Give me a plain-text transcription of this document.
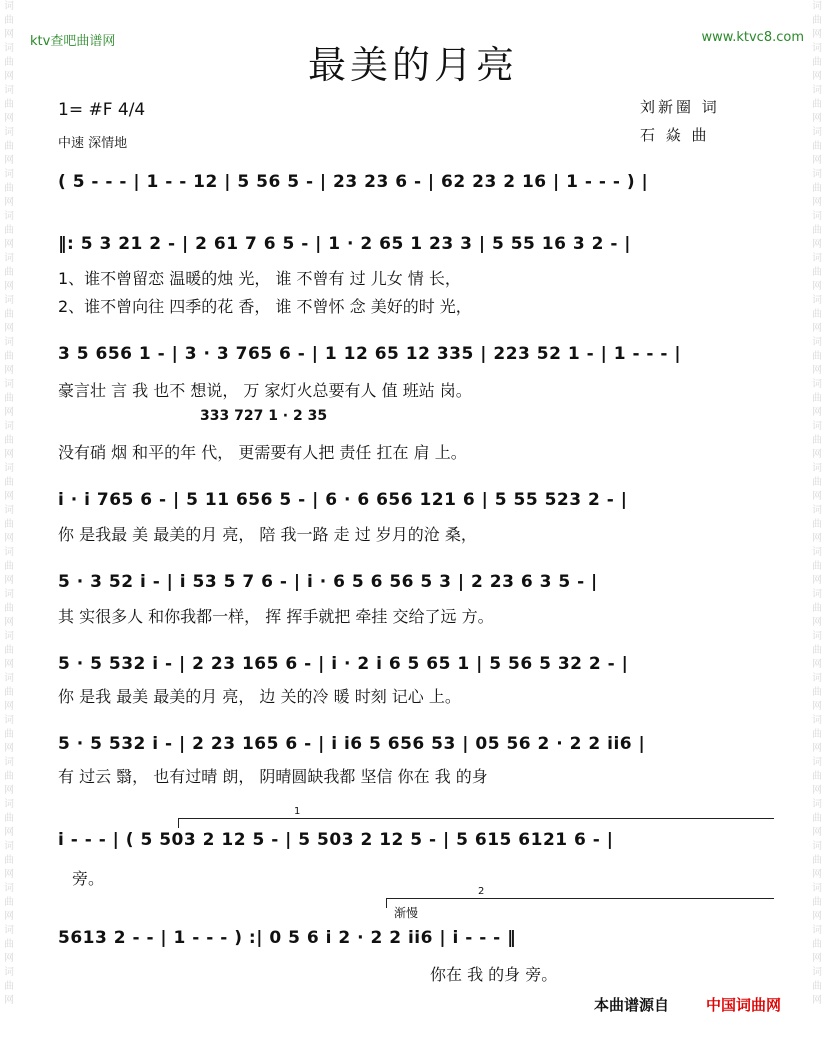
词曲网词曲网词曲网词曲网词曲网词曲网词曲网词曲网词曲网词曲网词曲网词曲网词曲网词曲网词曲网词曲网词曲网词曲网词曲网词曲网词曲网词曲网词曲网词曲网
词曲网词曲网词曲网词曲网词曲网词曲网词曲网词曲网词曲网词曲网词曲网词曲网词曲网词曲网词曲网词曲网词曲网词曲网词曲网词曲网词曲网词曲网词曲网词曲网
ktv查吧曲谱网	www.ktvc8.com
最美的月亮
1= #F 4/4
中速 深情地
刘新圈 词
石 焱 曲
( 5 - - - | 1 - - 12 | 5 56 5 - | 23 23 6 - | 62 23 2 16 | 1 - - - ) |
‖: 5 3 21 2 - | 2 61 7 6 5 - | 1 · 2 65 1 23 3 | 5 55 16 3 2 - |
1、谁不曾留恋 温暖的烛 光， 谁 不曾有 过 儿女 情 长，
2、谁不曾向往 四季的花 香， 谁 不曾怀 念 美好的时 光，
3 5 656 1 - | 3 · 3 765 6 - | 1 12 65 12 335 | 223 52 1 - | 1 - - - |
豪言壮 言 我 也不 想说， 万 家灯火总要有人 值 班站 岗。
333 727 1 · 2 35
没有硝 烟 和平的年 代， 更需要有人把 责任 扛在 肩 上。
i · i 765 6 - | 5 11 656 5 - | 6 · 6 656 121 6 | 5 55 523 2 - |
你 是我最 美 最美的月 亮， 陪 我一路 走 过 岁月的沧 桑，
5 · 3 52 i - | i 53 5 7 6 - | i · 6 5 6 56 5 3 | 2 23 6 3 5 - |
其 实很多人 和你我都一样， 挥 挥手就把 牵挂 交给了远 方。
5 · 5 532 i - | 2 23 165 6 - | i · 2 i 6 5 65 1 | 5 56 5 32 2 - |
你 是我 最美 最美的月 亮， 边 关的冷 暖 时刻 记心 上。
5 · 5 532 i - | 2 23 165 6 - | i i6 5 656 53 | 05 56 2 · 2 2 ii6 |
有 过云 翳， 也有过晴 朗， 阴晴圆缺我都 坚信 你在 我 的身
1
i - - - | ( 5 503 2 12 5 - | 5 503 2 12 5 - | 5 615 6121 6 - |
旁。
2
渐慢
5613 2 - - | 1 - - - ) :| 0 5 6 i 2 · 2 2 ii6 | i - - - ‖
你在 我 的身 旁。
本曲谱源自 中国词曲网
